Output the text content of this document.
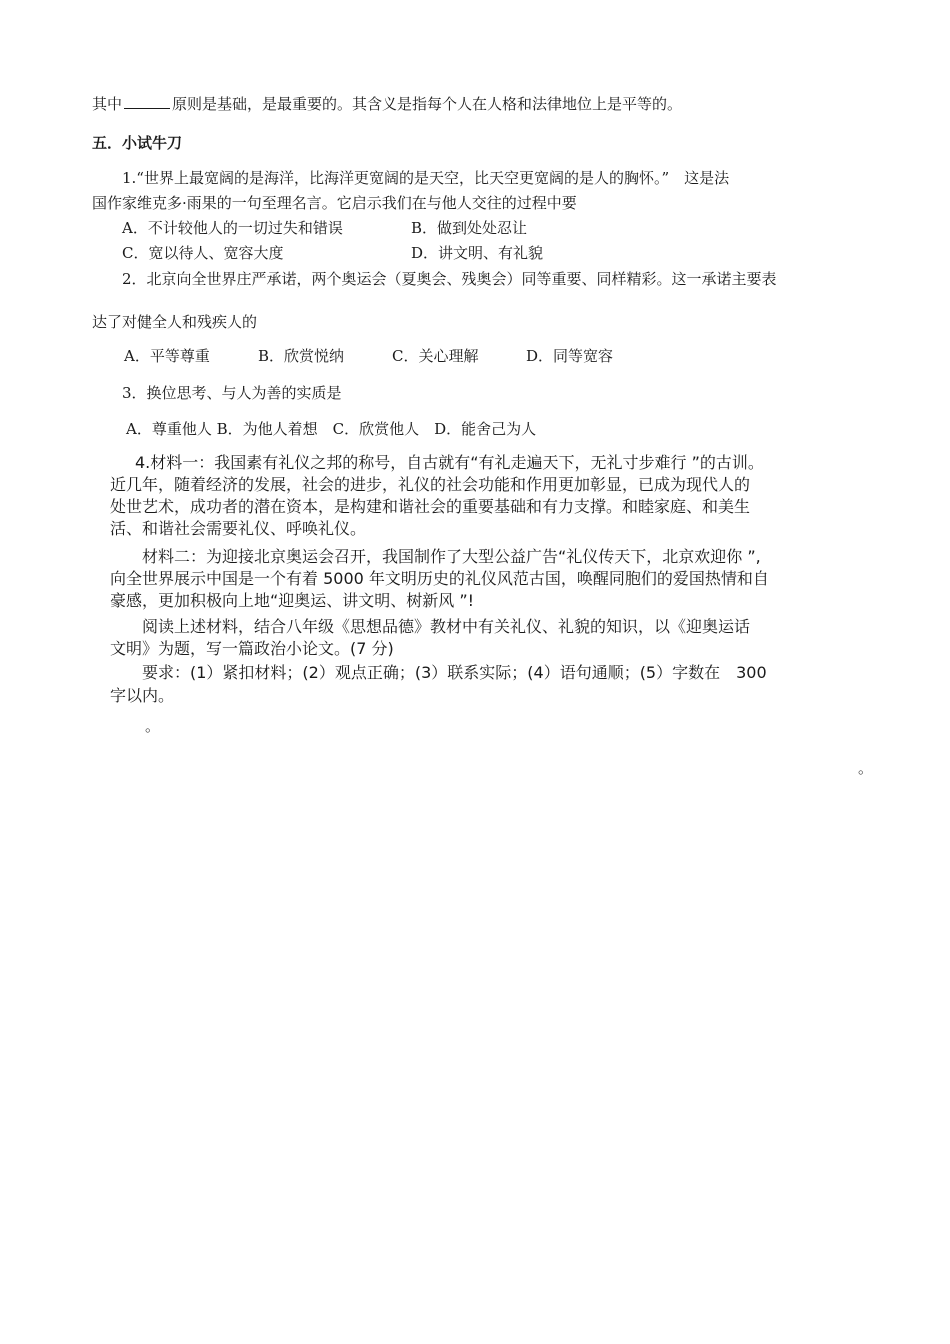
其中	原则是基础，是最重要的。其含义是指每个人在人格和法律地位上是平等的。
五．小试牛刀
1.“世界上最宽阔的是海洋，比海洋更宽阔的是天空，比天空更宽阔的是人的胸怀。”　这是法
国作家维克多·雨果的一句至理名言。它启示我们在与他人交往的过程中要
A．不计较他人的一切过失和错误	B．做到处处忍让
C．宽以待人、宽容大度	D．讲文明、有礼貌
2．北京向全世界庄严承诺，两个奥运会（夏奥会、残奥会）同等重要、同样精彩。这一承诺主要表
达了对健全人和残疾人的
A．平等尊重	B．欣赏悦纳	C．关心理解	D．同等宽容
3．换位思考、与人为善的实质是
A．尊重他人 B．为他人着想　C．欣赏他人　D．能舍己为人
4.材料一：我国素有礼仪之邦的称号，自古就有“有礼走遍天下，无礼寸步难行 ”的古训。
近几年，随着经济的发展，社会的进步，礼仪的社会功能和作用更加彰显，已成为现代人的
处世艺术，成功者的潜在资本，是构建和谐社会的重要基础和有力支撑。和睦家庭、和美生
活、和谐社会需要礼仪、呼唤礼仪。
材料二：为迎接北京奥运会召开，我国制作了大型公益广告“礼仪传天下，北京欢迎你 ”,
向全世界展示中国是一个有着 5000 年文明历史的礼仪风范古国，唤醒同胞们的爱国热情和自
豪感，更加积极向上地“迎奥运、讲文明、树新风 ”!
阅读上述材料，结合八年级《思想品德》教材中有关礼仪、礼貌的知识，以《迎奥运话
文明》为题，写一篇政治小论文。(7 分)
要求：(1）紧扣材料；(2）观点正确；(3）联系实际；(4）语句通顺；(5）字数在　300
字以内。
。
。
